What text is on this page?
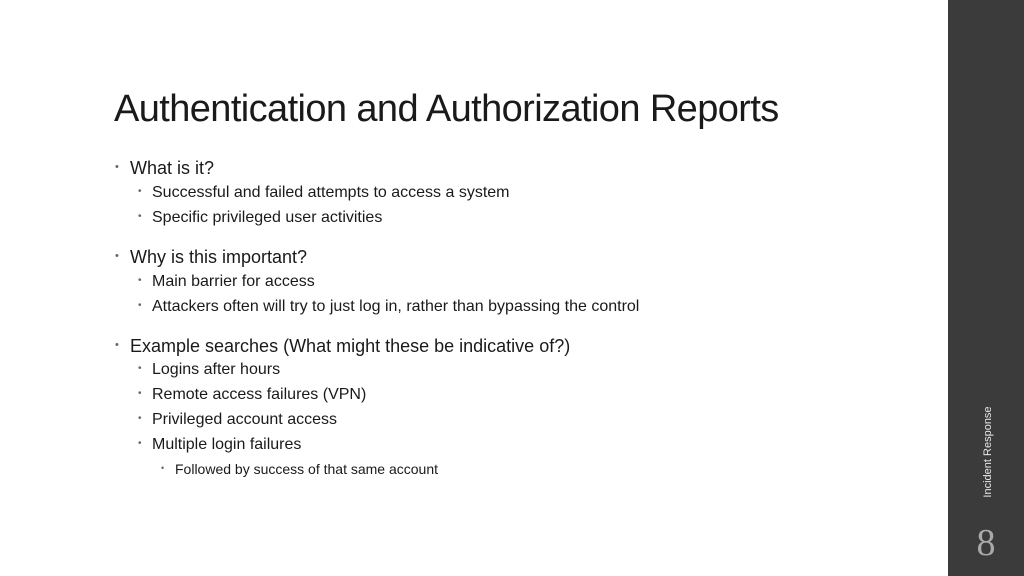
Authentication and Authorization Reports
• What is it?
• Successful and failed attempts to access a system
• Specific privileged user activities
• Why is this important?
• Main barrier for access
• Attackers often will try to just log in, rather than bypassing the control
• Example searches (What might these be indicative of?)
• Logins after hours
• Remote access failures (VPN)
• Privileged account access
• Multiple login failures
• Followed by success of that same account	Incident Response
8
